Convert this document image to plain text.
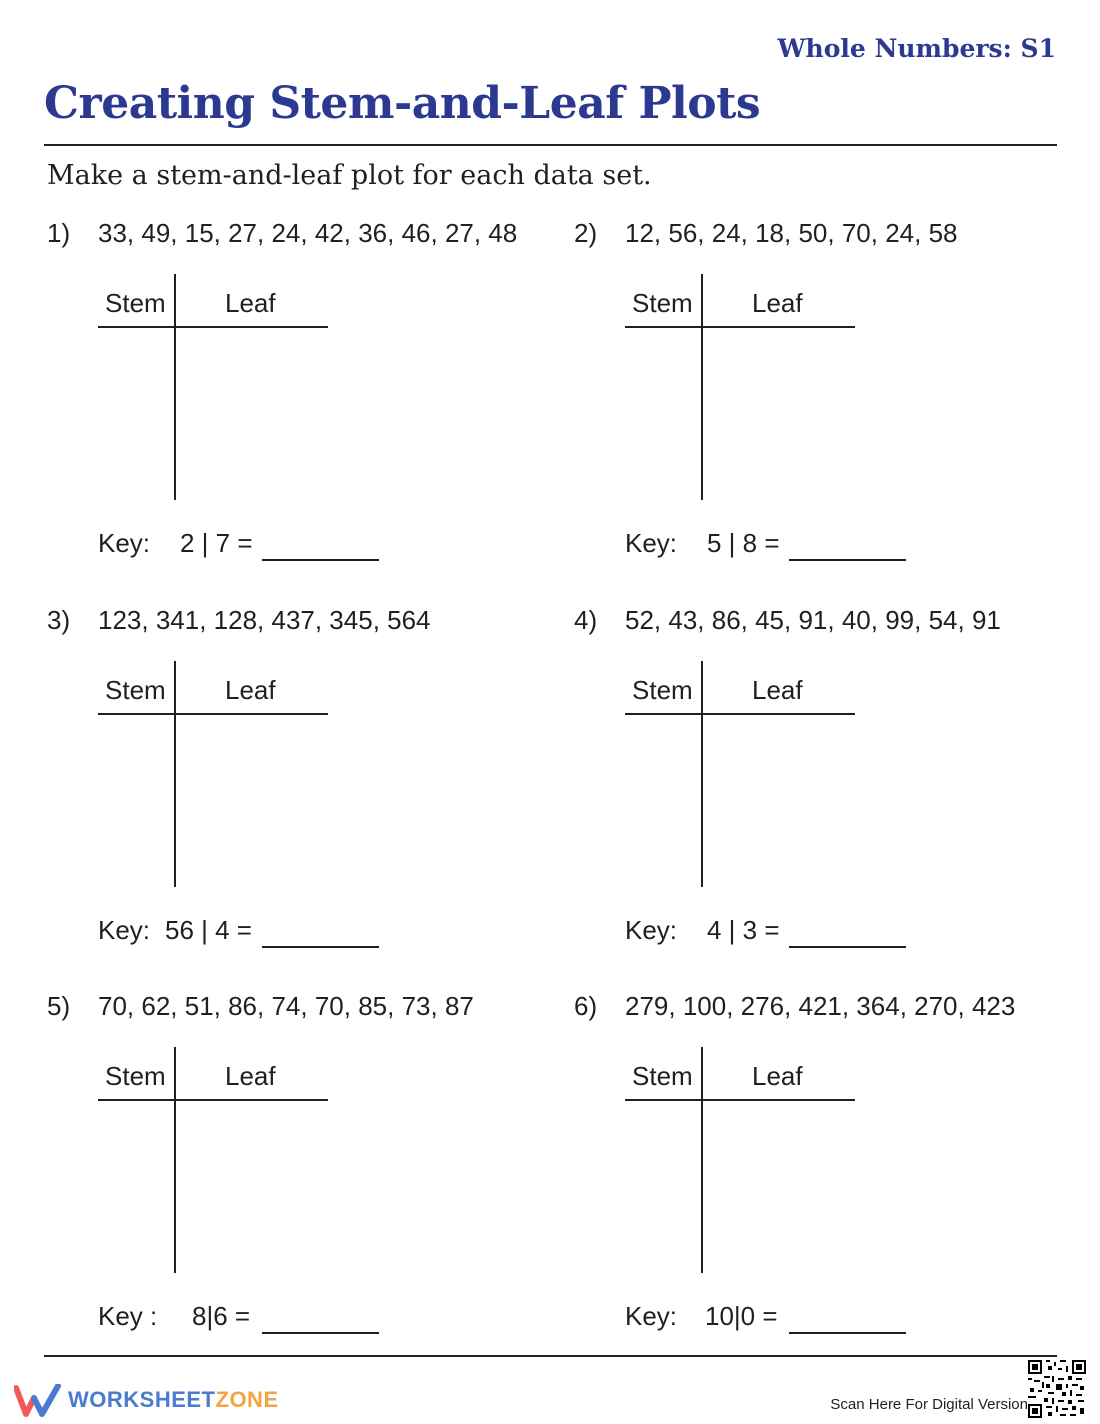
Whole Numbers: S1
Creating Stem-and-Leaf Plots
Make a stem-and-leaf plot for each data set.
1) 33, 49, 15, 27, 24, 42, 36, 46, 27, 48
Stem Leaf
Key: 2 | 7 =
2) 12, 56, 24, 18, 50, 70, 24, 58
Stem Leaf
Key: 5 | 8 =
3) 123, 341, 128, 437, 345, 564
Stem Leaf
Key: 56 | 4 =
4) 52, 43, 86, 45, 91, 40, 99, 54, 91
Stem Leaf
Key: 4 | 3 =
5) 70, 62, 51, 86, 74, 70, 85, 73, 87
Stem Leaf
Key : 8|6 =
6) 279, 100, 276, 421, 364, 270, 423
Stem Leaf
Key: 10|0 =
WORKSHEETZONE	Scan Here For Digital Version
